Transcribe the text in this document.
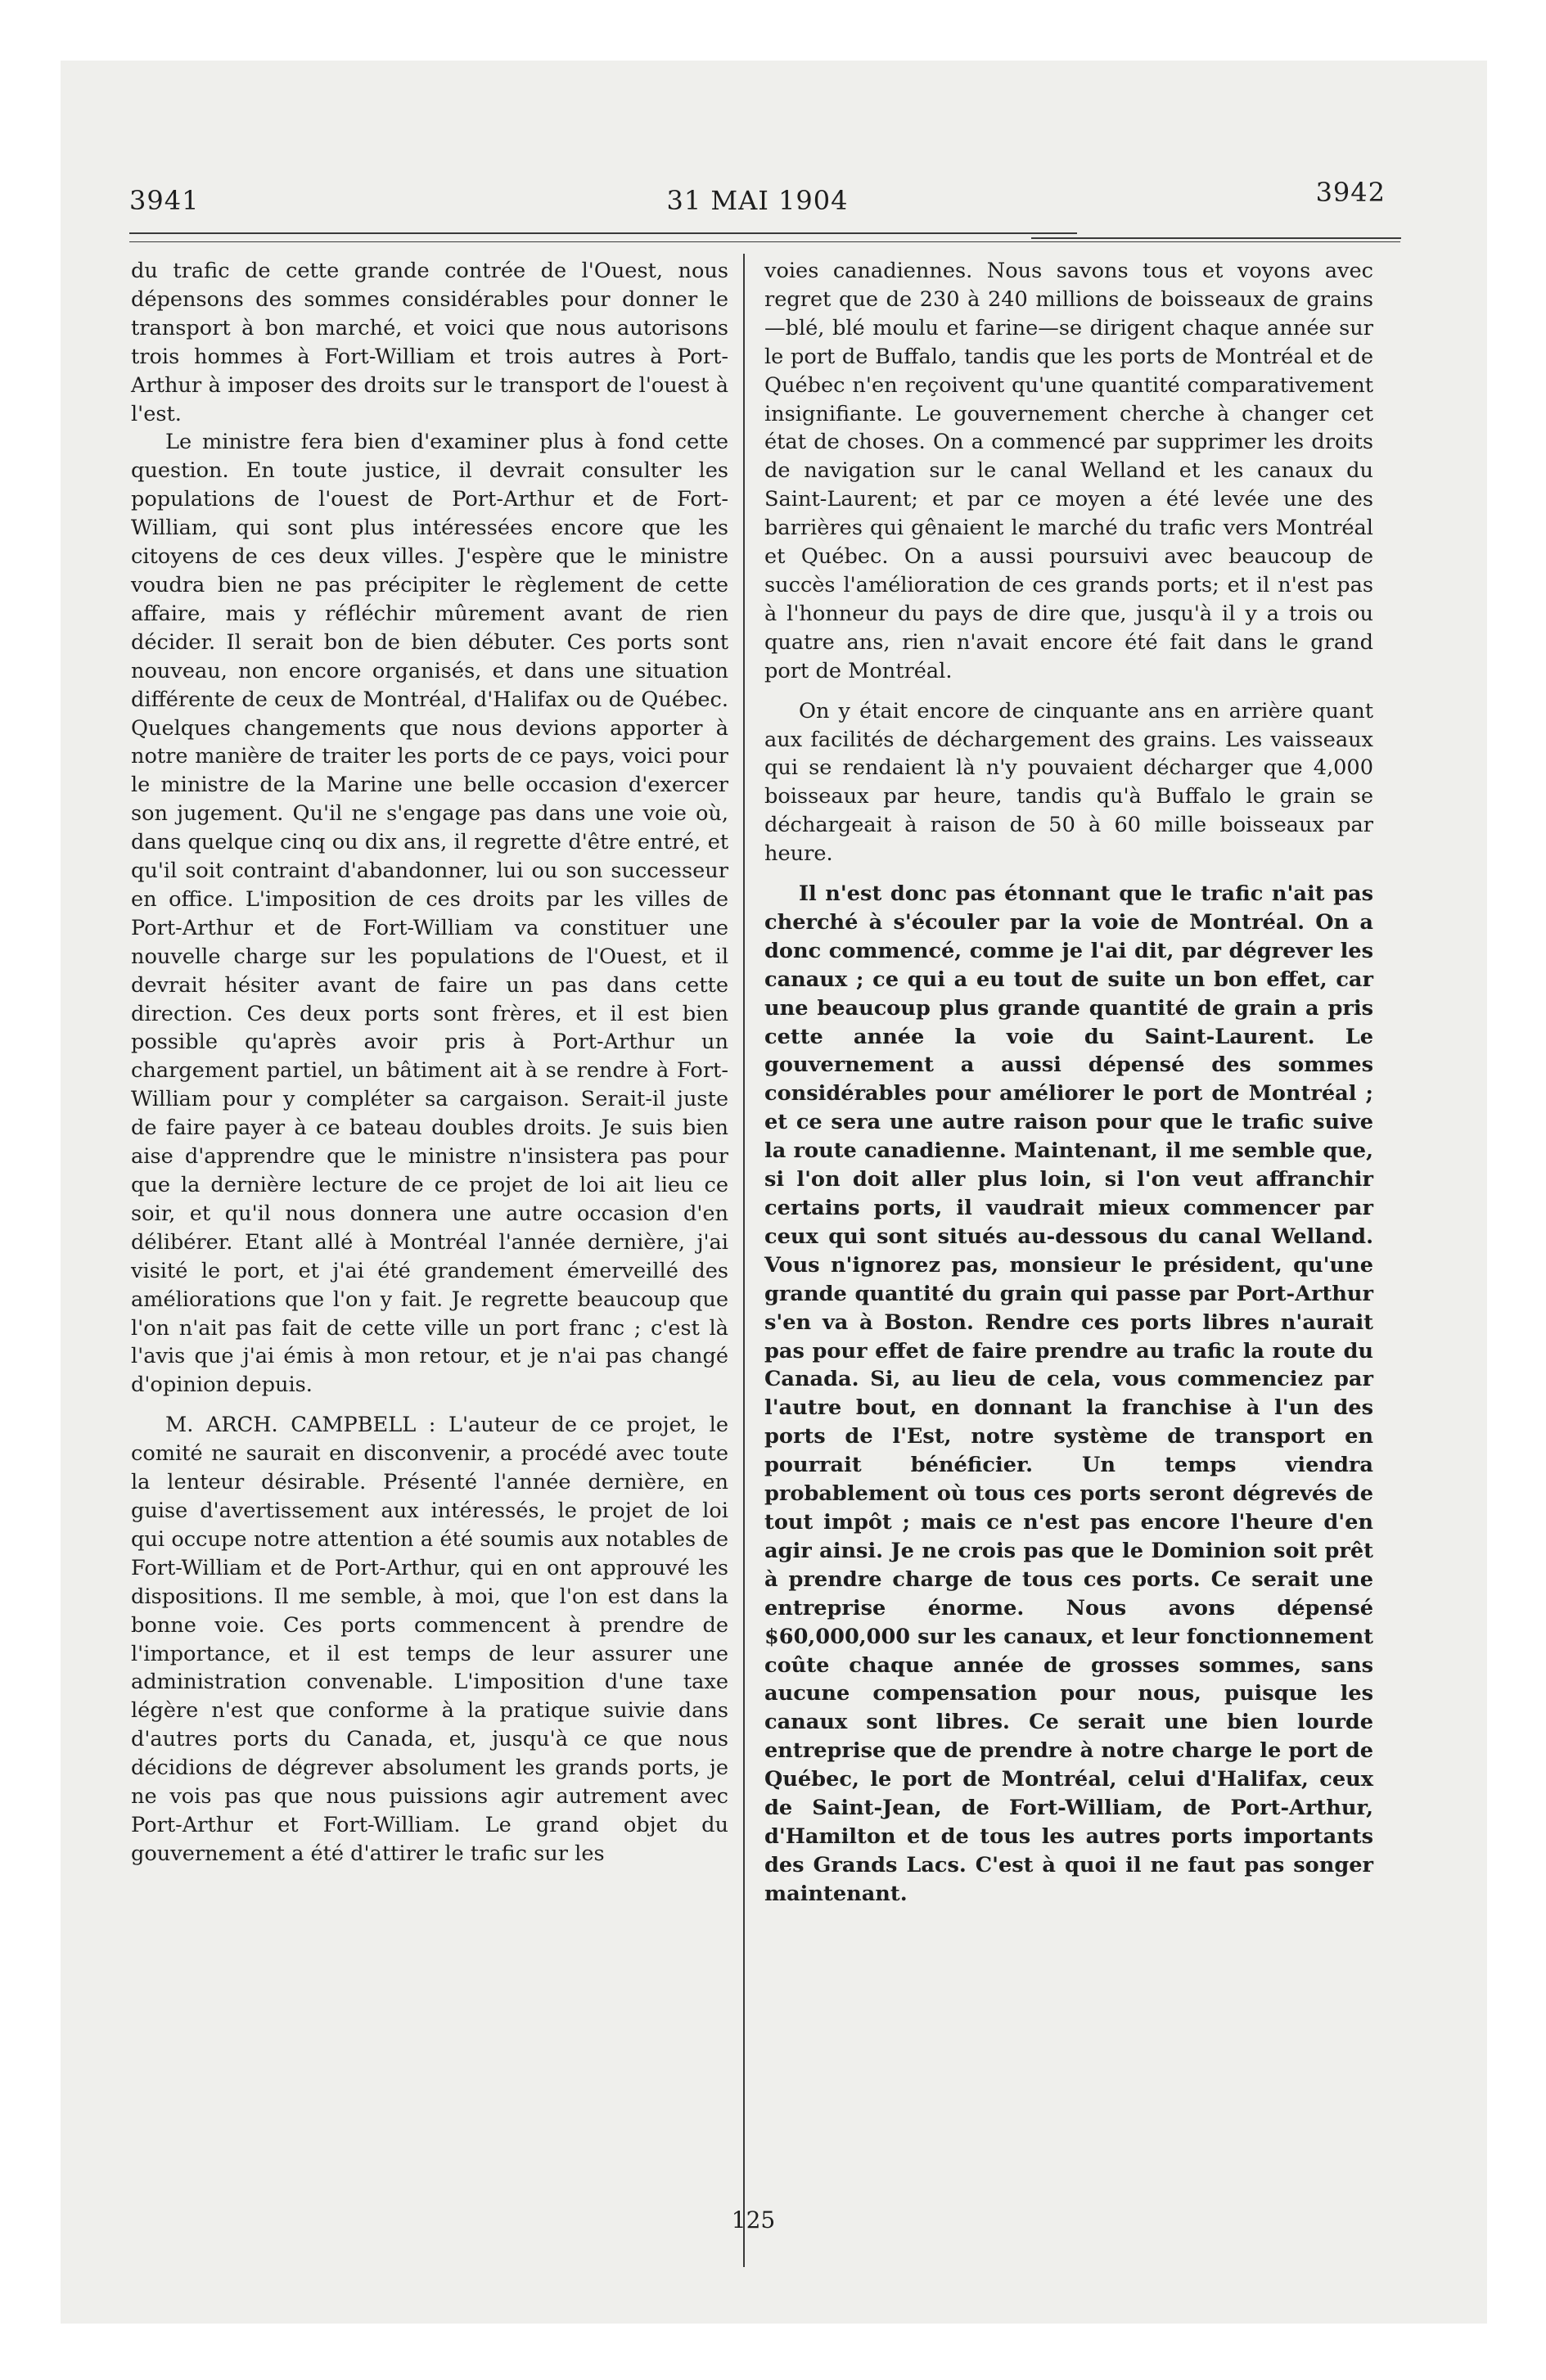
3941	31 MAI 1904	3942

du trafic de cette grande contrée de l'Ouest, nous dépensons des sommes considérables pour donner le transport à bon marché, et voici que nous autorisons trois hommes à Fort-William et trois autres à Port-Arthur à imposer des droits sur le transport de l'ouest à l'est.

Le ministre fera bien d'examiner plus à fond cette question. En toute justice, il devrait consulter les populations de l'ouest de Port-Arthur et de Fort-William, qui sont plus intéressées encore que les citoyens de ces deux villes. J'espère que le ministre voudra bien ne pas précipiter le règlement de cette affaire, mais y réfléchir mûrement avant de rien décider. Il serait bon de bien débuter. Ces ports sont nouveau, non encore organisés, et dans une situation différente de ceux de Montréal, d'Halifax ou de Québec. Quelques changements que nous devions apporter à notre manière de traiter les ports de ce pays, voici pour le ministre de la Marine une belle occasion d'exercer son jugement. Qu'il ne s'engage pas dans une voie où, dans quelque cinq ou dix ans, il regrette d'être entré, et qu'il soit contraint d'abandonner, lui ou son successeur en office. L'imposition de ces droits par les villes de Port-Arthur et de Fort-William va constituer une nouvelle charge sur les populations de l'Ouest, et il devrait hésiter avant de faire un pas dans cette direction. Ces deux ports sont frères, et il est bien possible qu'après avoir pris à Port-Arthur un chargement partiel, un bâtiment ait à se rendre à Fort-William pour y compléter sa cargaison. Serait-il juste de faire payer à ce bateau doubles droits. Je suis bien aise d'apprendre que le ministre n'insistera pas pour que la dernière lecture de ce projet de loi ait lieu ce soir, et qu'il nous donnera une autre occasion d'en délibérer. Etant allé à Montréal l'année dernière, j'ai visité le port, et j'ai été grandement émerveillé des améliorations que l'on y fait. Je regrette beaucoup que l'on n'ait pas fait de cette ville un port franc ; c'est là l'avis que j'ai émis à mon retour, et je n'ai pas changé d'opinion depuis.

M. ARCH. CAMPBELL : L'auteur de ce projet, le comité ne saurait en disconvenir, a procédé avec toute la lenteur désirable. Présenté l'année dernière, en guise d'avertissement aux intéressés, le projet de loi qui occupe notre attention a été soumis aux notables de Fort-William et de Port-Arthur, qui en ont approuvé les dispositions. Il me semble, à moi, que l'on est dans la bonne voie. Ces ports commencent à prendre de l'importance, et il est temps de leur assurer une administration convenable. L'imposition d'une taxe légère n'est que conforme à la pratique suivie dans d'autres ports du Canada, et, jusqu'à ce que nous décidions de dégrever absolument les grands ports, je ne vois pas que nous puissions agir autrement avec Port-Arthur et Fort-William. Le grand objet du gouvernement a été d'attirer le trafic sur les

voies canadiennes. Nous savons tous et voyons avec regret que de 230 à 240 millions de boisseaux de grains—blé, blé moulu et farine—se dirigent chaque année sur le port de Buffalo, tandis que les ports de Montréal et de Québec n'en reçoivent qu'une quantité comparativement insignifiante. Le gouvernement cherche à changer cet état de choses. On a commencé par supprimer les droits de navigation sur le canal Welland et les canaux du Saint-Laurent; et par ce moyen a été levée une des barrières qui gênaient le marché du trafic vers Montréal et Québec. On a aussi poursuivi avec beaucoup de succès l'amélioration de ces grands ports; et il n'est pas à l'honneur du pays de dire que, jusqu'à il y a trois ou quatre ans, rien n'avait encore été fait dans le grand port de Montréal.

On y était encore de cinquante ans en arrière quant aux facilités de déchargement des grains. Les vaisseaux qui se rendaient là n'y pouvaient décharger que 4,000 boisseaux par heure, tandis qu'à Buffalo le grain se déchargeait à raison de 50 à 60 mille boisseaux par heure.

Il n'est donc pas étonnant que le trafic n'ait pas cherché à s'écouler par la voie de Montréal. On a donc commencé, comme je l'ai dit, par dégrever les canaux ; ce qui a eu tout de suite un bon effet, car une beaucoup plus grande quantité de grain a pris cette année la voie du Saint-Laurent. Le gouvernement a aussi dépensé des sommes considérables pour améliorer le port de Montréal ; et ce sera une autre raison pour que le trafic suive la route canadienne. Maintenant, il me semble que, si l'on doit aller plus loin, si l'on veut affranchir certains ports, il vaudrait mieux commencer par ceux qui sont situés au-dessous du canal Welland. Vous n'ignorez pas, monsieur le président, qu'une grande quantité du grain qui passe par Port-Arthur s'en va à Boston. Rendre ces ports libres n'aurait pas pour effet de faire prendre au trafic la route du Canada. Si, au lieu de cela, vous commenciez par l'autre bout, en donnant la franchise à l'un des ports de l'Est, notre système de transport en pourrait bénéficier. Un temps viendra probablement où tous ces ports seront dégrevés de tout impôt ; mais ce n'est pas encore l'heure d'en agir ainsi. Je ne crois pas que le Dominion soit prêt à prendre charge de tous ces ports. Ce serait une entreprise énorme. Nous avons dépensé $60,000,000 sur les canaux, et leur fonctionnement coûte chaque année de grosses sommes, sans aucune compensation pour nous, puisque les canaux sont libres. Ce serait une bien lourde entreprise que de prendre à notre charge le port de Québec, le port de Montréal, celui d'Halifax, ceux de Saint-Jean, de Fort-William, de Port-Arthur, d'Hamilton et de tous les autres ports importants des Grands Lacs. C'est à quoi il ne faut pas songer maintenant.

125
